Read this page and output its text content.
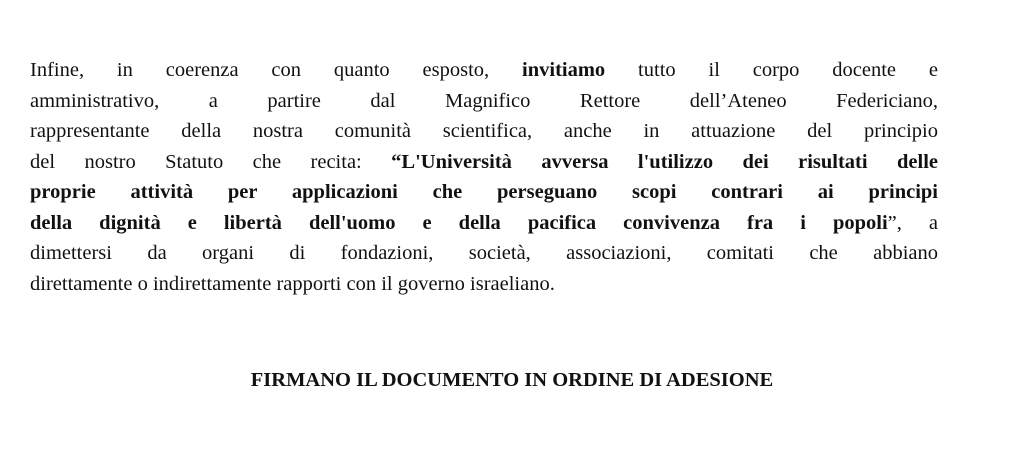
Infine, in coerenza con quanto esposto, invitiamo tutto il corpo docente e
amministrativo, a partire dal Magnifico Rettore dell’Ateneo Federiciano,
rappresentante della nostra comunità scientifica, anche in attuazione del principio
del nostro Statuto che recita: “L'Università avversa l'utilizzo dei risultati delle
proprie attività per applicazioni che perseguano scopi contrari ai principi
della dignità e libertà dell'uomo e della pacifica convivenza fra i popoli”, a
dimettersi da organi di fondazioni, società, associazioni, comitati che abbiano
direttamente o indirettamente rapporti con il governo israeliano.

FIRMANO IL DOCUMENTO IN ORDINE DI ADESIONE
